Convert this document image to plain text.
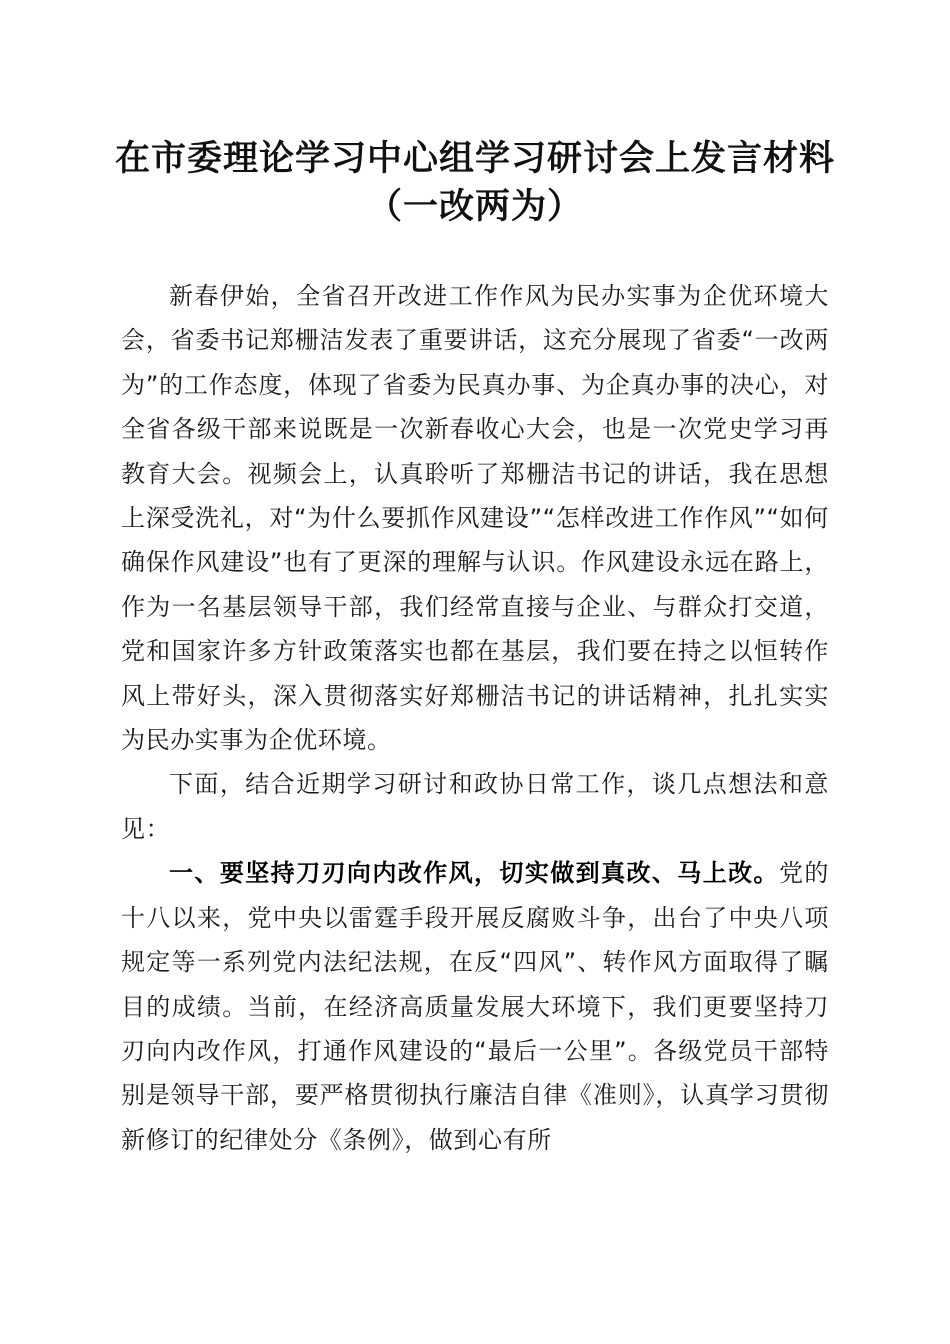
在市委理论学习中心组学习研讨会上发言材料
（一改两为）

新春伊始，全省召开改进工作作风为民办实事为企优环境大会，省委书记郑栅洁发表了重要讲话，这充分展现了省委“一改两为”的工作态度，体现了省委为民真办事、为企真办事的决心，对全省各级干部来说既是一次新春收心大会，也是一次党史学习再教育大会。视频会上，认真聆听了郑栅洁书记的讲话，我在思想上深受洗礼，对“为什么要抓作风建设”“怎样改进工作作风”“如何确保作风建设”也有了更深的理解与认识。作风建设永远在路上，作为一名基层领导干部，我们经常直接与企业、与群众打交道，党和国家许多方针政策落实也都在基层，我们要在持之以恒转作风上带好头，深入贯彻落实好郑栅洁书记的讲话精神，扎扎实实为民办实事为企优环境。

下面，结合近期学习研讨和政协日常工作，谈几点想法和意见：

一、要坚持刀刃向内改作风，切实做到真改、马上改。党的十八以来，党中央以雷霆手段开展反腐败斗争，出台了中央八项规定等一系列党内法纪法规，在反“四风”、转作风方面取得了瞩目的成绩。当前，在经济高质量发展大环境下，我们更要坚持刀刃向内改作风，打通作风建设的“最后一公里”。各级党员干部特别是领导干部，要严格贯彻执行廉洁自律《准则》，认真学习贯彻新修订的纪律处分《条例》，做到心有所
